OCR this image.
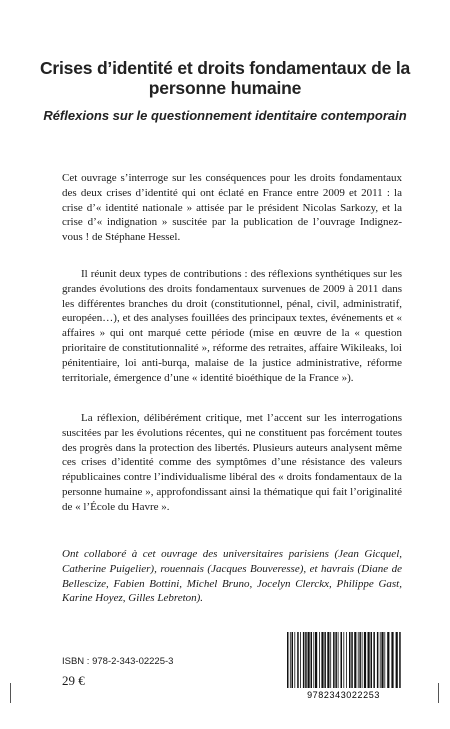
Crises d’identité et droits fondamentaux de la personne humaine
Réflexions sur le questionnement identitaire contemporain

Cet ouvrage s’interroge sur les conséquences pour les droits fondamentaux des deux crises d’identité qui ont éclaté en France entre 2009 et 2011 : la crise d’« identité nationale » attisée par le président Nicolas Sarkozy, et la crise d’« indignation » suscitée par la publication de l’ouvrage Indignez-vous ! de Stéphane Hessel.

Il réunit deux types de contributions : des réflexions synthétiques sur les grandes évolutions des droits fondamentaux survenues de 2009 à 2011 dans les différentes branches du droit (constitutionnel, pénal, civil, administratif, européen…), et des analyses fouillées des principaux textes, événements et « affaires » qui ont marqué cette période (mise en œuvre de la « question prioritaire de constitutionnalité », réforme des retraites, affaire Wikileaks, loi pénitentiaire, loi anti-burqa, malaise de la justice administrative, réforme territoriale, émergence d’une « identité bioéthique de la France »).

La réflexion, délibérément critique, met l’accent sur les interrogations suscitées par les évolutions récentes, qui ne constituent pas forcément toutes des progrès dans la protection des libertés. Plusieurs auteurs analysent même ces crises d’identité comme des symptômes d’une résistance des valeurs républicaines contre l’individualisme libéral des « droits fondamentaux de la personne humaine », approfondissant ainsi la thématique qui fait l’originalité de « l’École du Havre ».

Ont collaboré à cet ouvrage des universitaires parisiens (Jean Gicquel, Catherine Puigelier), rouennais (Jacques Bouveresse), et havrais (Diane de Bellescize, Fabien Bottini, Michel Bruno, Jocelyn Clerckx, Philippe Gast, Karine Hoyez, Gilles Lebreton).

ISBN : 978-2-343-02225-3
29 €
9782343022253
